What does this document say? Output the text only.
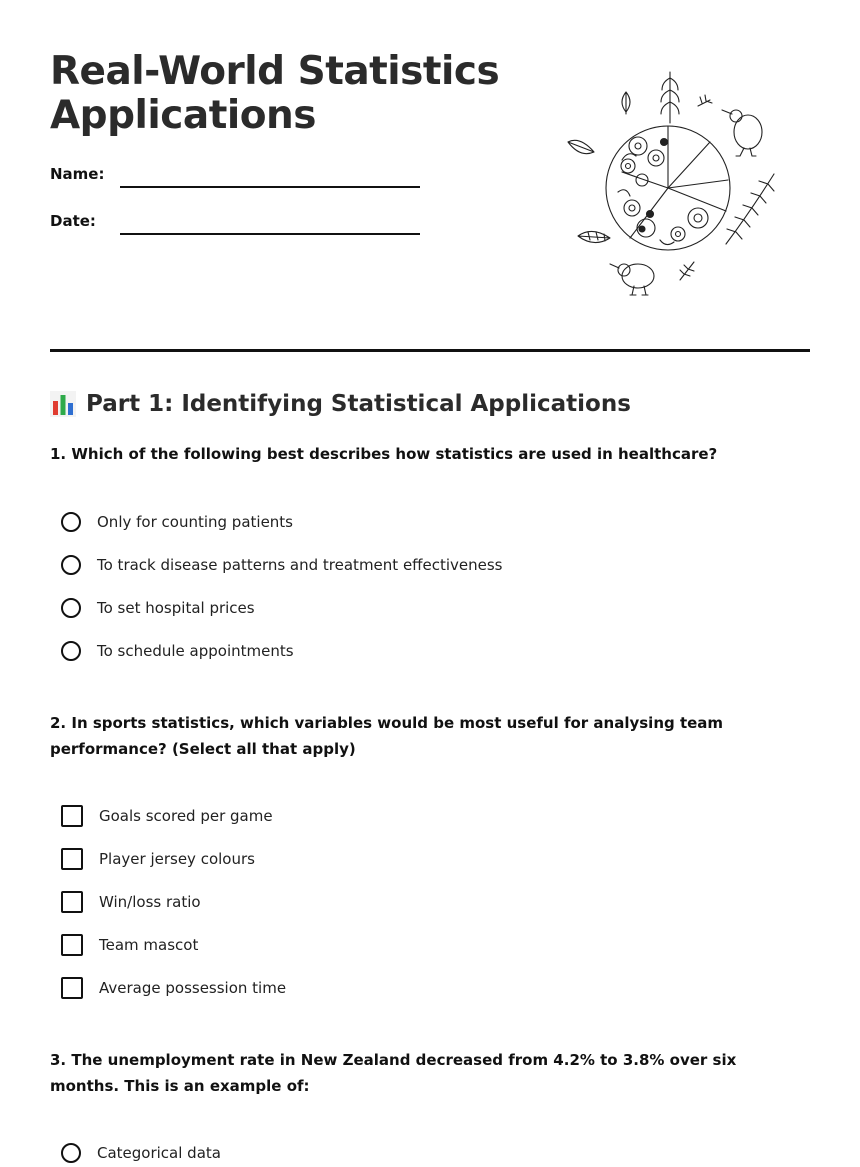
Real-World Statistics
Applications
Name:
Date:
Part 1: Identifying Statistical Applications
1. Which of the following best describes how statistics are used in healthcare?
Only for counting patients
To track disease patterns and treatment effectiveness
To set hospital prices
To schedule appointments
2. In sports statistics, which variables would be most useful for analysing team performance? (Select all that apply)
Goals scored per game
Player jersey colours
Win/loss ratio
Team mascot
Average possession time
3. The unemployment rate in New Zealand decreased from 4.2% to 3.8% over six months. This is an example of:
Categorical data
